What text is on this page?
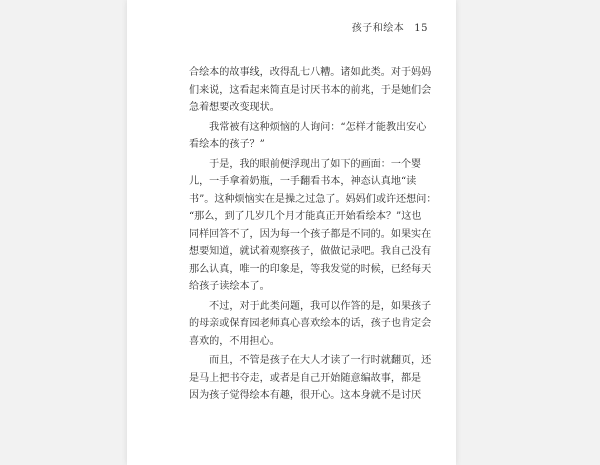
孩子和绘本 15
合绘本的故事线，改得乱七八糟。诸如此类。对于妈妈
们来说，这看起来简直是讨厌书本的前兆，于是她们会
急着想要改变现状。
　　我常被有这种烦恼的人询问：“怎样才能教出安心
看绘本的孩子？”
　　于是，我的眼前便浮现出了如下的画面：一个婴
儿，一手拿着奶瓶，一手翻看书本，神态认真地“读
书”。这种烦恼实在是操之过急了。妈妈们或许还想问：
“那么，到了几岁几个月才能真正开始看绘本？”这也
同样回答不了，因为每一个孩子都是不同的。如果实在
想要知道，就试着观察孩子，做做记录吧。我自己没有
那么认真，唯一的印象是，等我发觉的时候，已经每天
给孩子读绘本了。
　　不过，对于此类问题，我可以作答的是，如果孩子
的母亲或保育园老师真心喜欢绘本的话，孩子也肯定会
喜欢的，不用担心。
　　而且，不管是孩子在大人才读了一行时就翻页，还
是马上把书夺走，或者是自己开始随意编故事，都是
因为孩子觉得绘本有趣，很开心。这本身就不是讨厌
